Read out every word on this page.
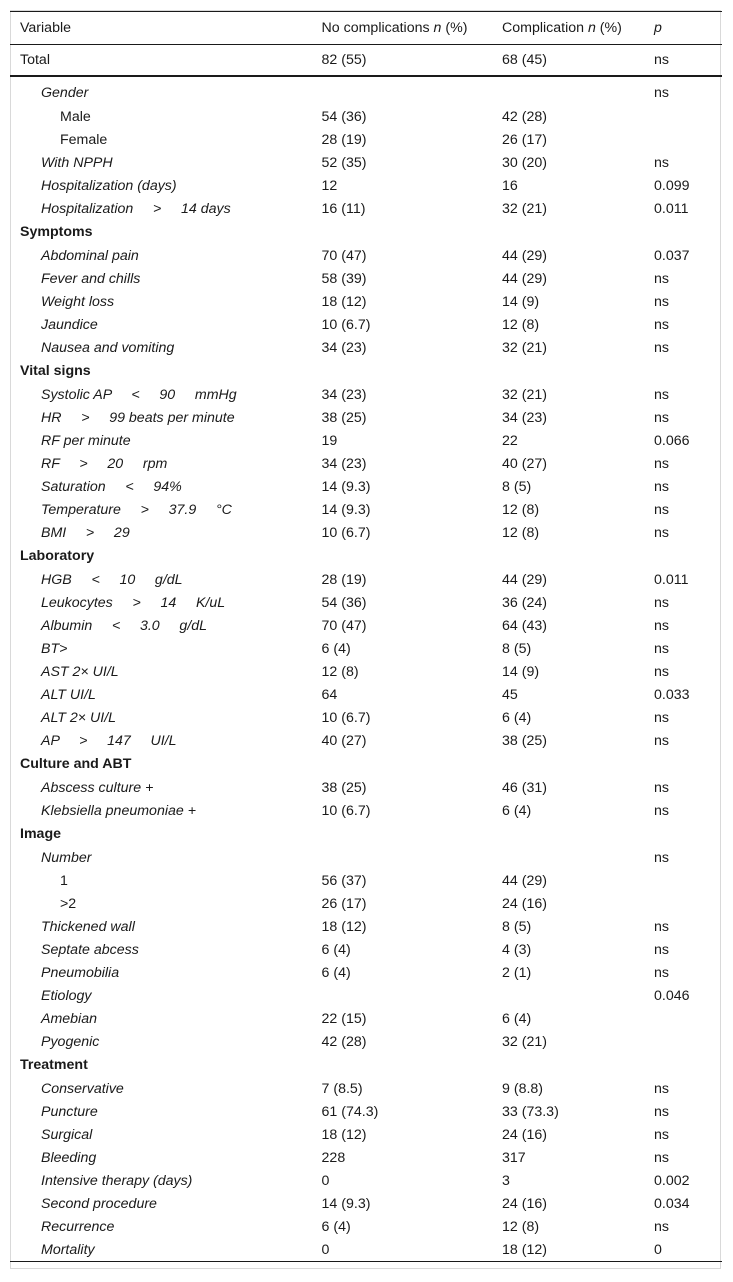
Variable	No complications n (%)	Complication n (%)	p
Total	82 (55)	68 (45)	ns
Gender			ns
Male	54 (36)	42 (28)	
Female	28 (19)	26 (17)	
With NPPH	52 (35)	30 (20)	ns
Hospitalization (days)	12	16	0.099
Hospitalization     >     14 days	16 (11)	32 (21)	0.011
Symptoms			
Abdominal pain	70 (47)	44 (29)	0.037
Fever and chills	58 (39)	44 (29)	ns
Weight loss	18 (12)	14 (9)	ns
Jaundice	10 (6.7)	12 (8)	ns
Nausea and vomiting	34 (23)	32 (21)	ns
Vital signs			
Systolic AP     <     90     mmHg	34 (23)	32 (21)	ns
HR     >     99 beats per minute	38 (25)	34 (23)	ns
RF per minute	19	22	0.066
RF     >     20     rpm	34 (23)	40 (27)	ns
Saturation     <     94%	14 (9.3)	8 (5)	ns
Temperature     >     37.9     °C	14 (9.3)	12 (8)	ns
BMI     >     29	10 (6.7)	12 (8)	ns
Laboratory			
HGB     <     10     g/dL	28 (19)	44 (29)	0.011
Leukocytes     >     14     K/uL	54 (36)	36 (24)	ns
Albumin     <     3.0     g/dL	70 (47)	64 (43)	ns
BT>	6 (4)	8 (5)	ns
AST 2× UI/L	12 (8)	14 (9)	ns
ALT UI/L	64	45	0.033
ALT 2× UI/L	10 (6.7)	6 (4)	ns
AP     >     147     UI/L	40 (27)	38 (25)	ns
Culture and ABT			
Abscess culture +	38 (25)	46 (31)	ns
Klebsiella pneumoniae +	10 (6.7)	6 (4)	ns
Image			
Number			ns
1	56 (37)	44 (29)	
>2	26 (17)	24 (16)	
Thickened wall	18 (12)	8 (5)	ns
Septate abcess	6 (4)	4 (3)	ns
Pneumobilia	6 (4)	2 (1)	ns
Etiology			0.046
Amebian	22 (15)	6 (4)	
Pyogenic	42 (28)	32 (21)	
Treatment			
Conservative	7 (8.5)	9 (8.8)	ns
Puncture	61 (74.3)	33 (73.3)	ns
Surgical	18 (12)	24 (16)	ns
Bleeding	228	317	ns
Intensive therapy (days)	0	3	0.002
Second procedure	14 (9.3)	24 (16)	0.034
Recurrence	6 (4)	12 (8)	ns
Mortality	0	18 (12)	0
